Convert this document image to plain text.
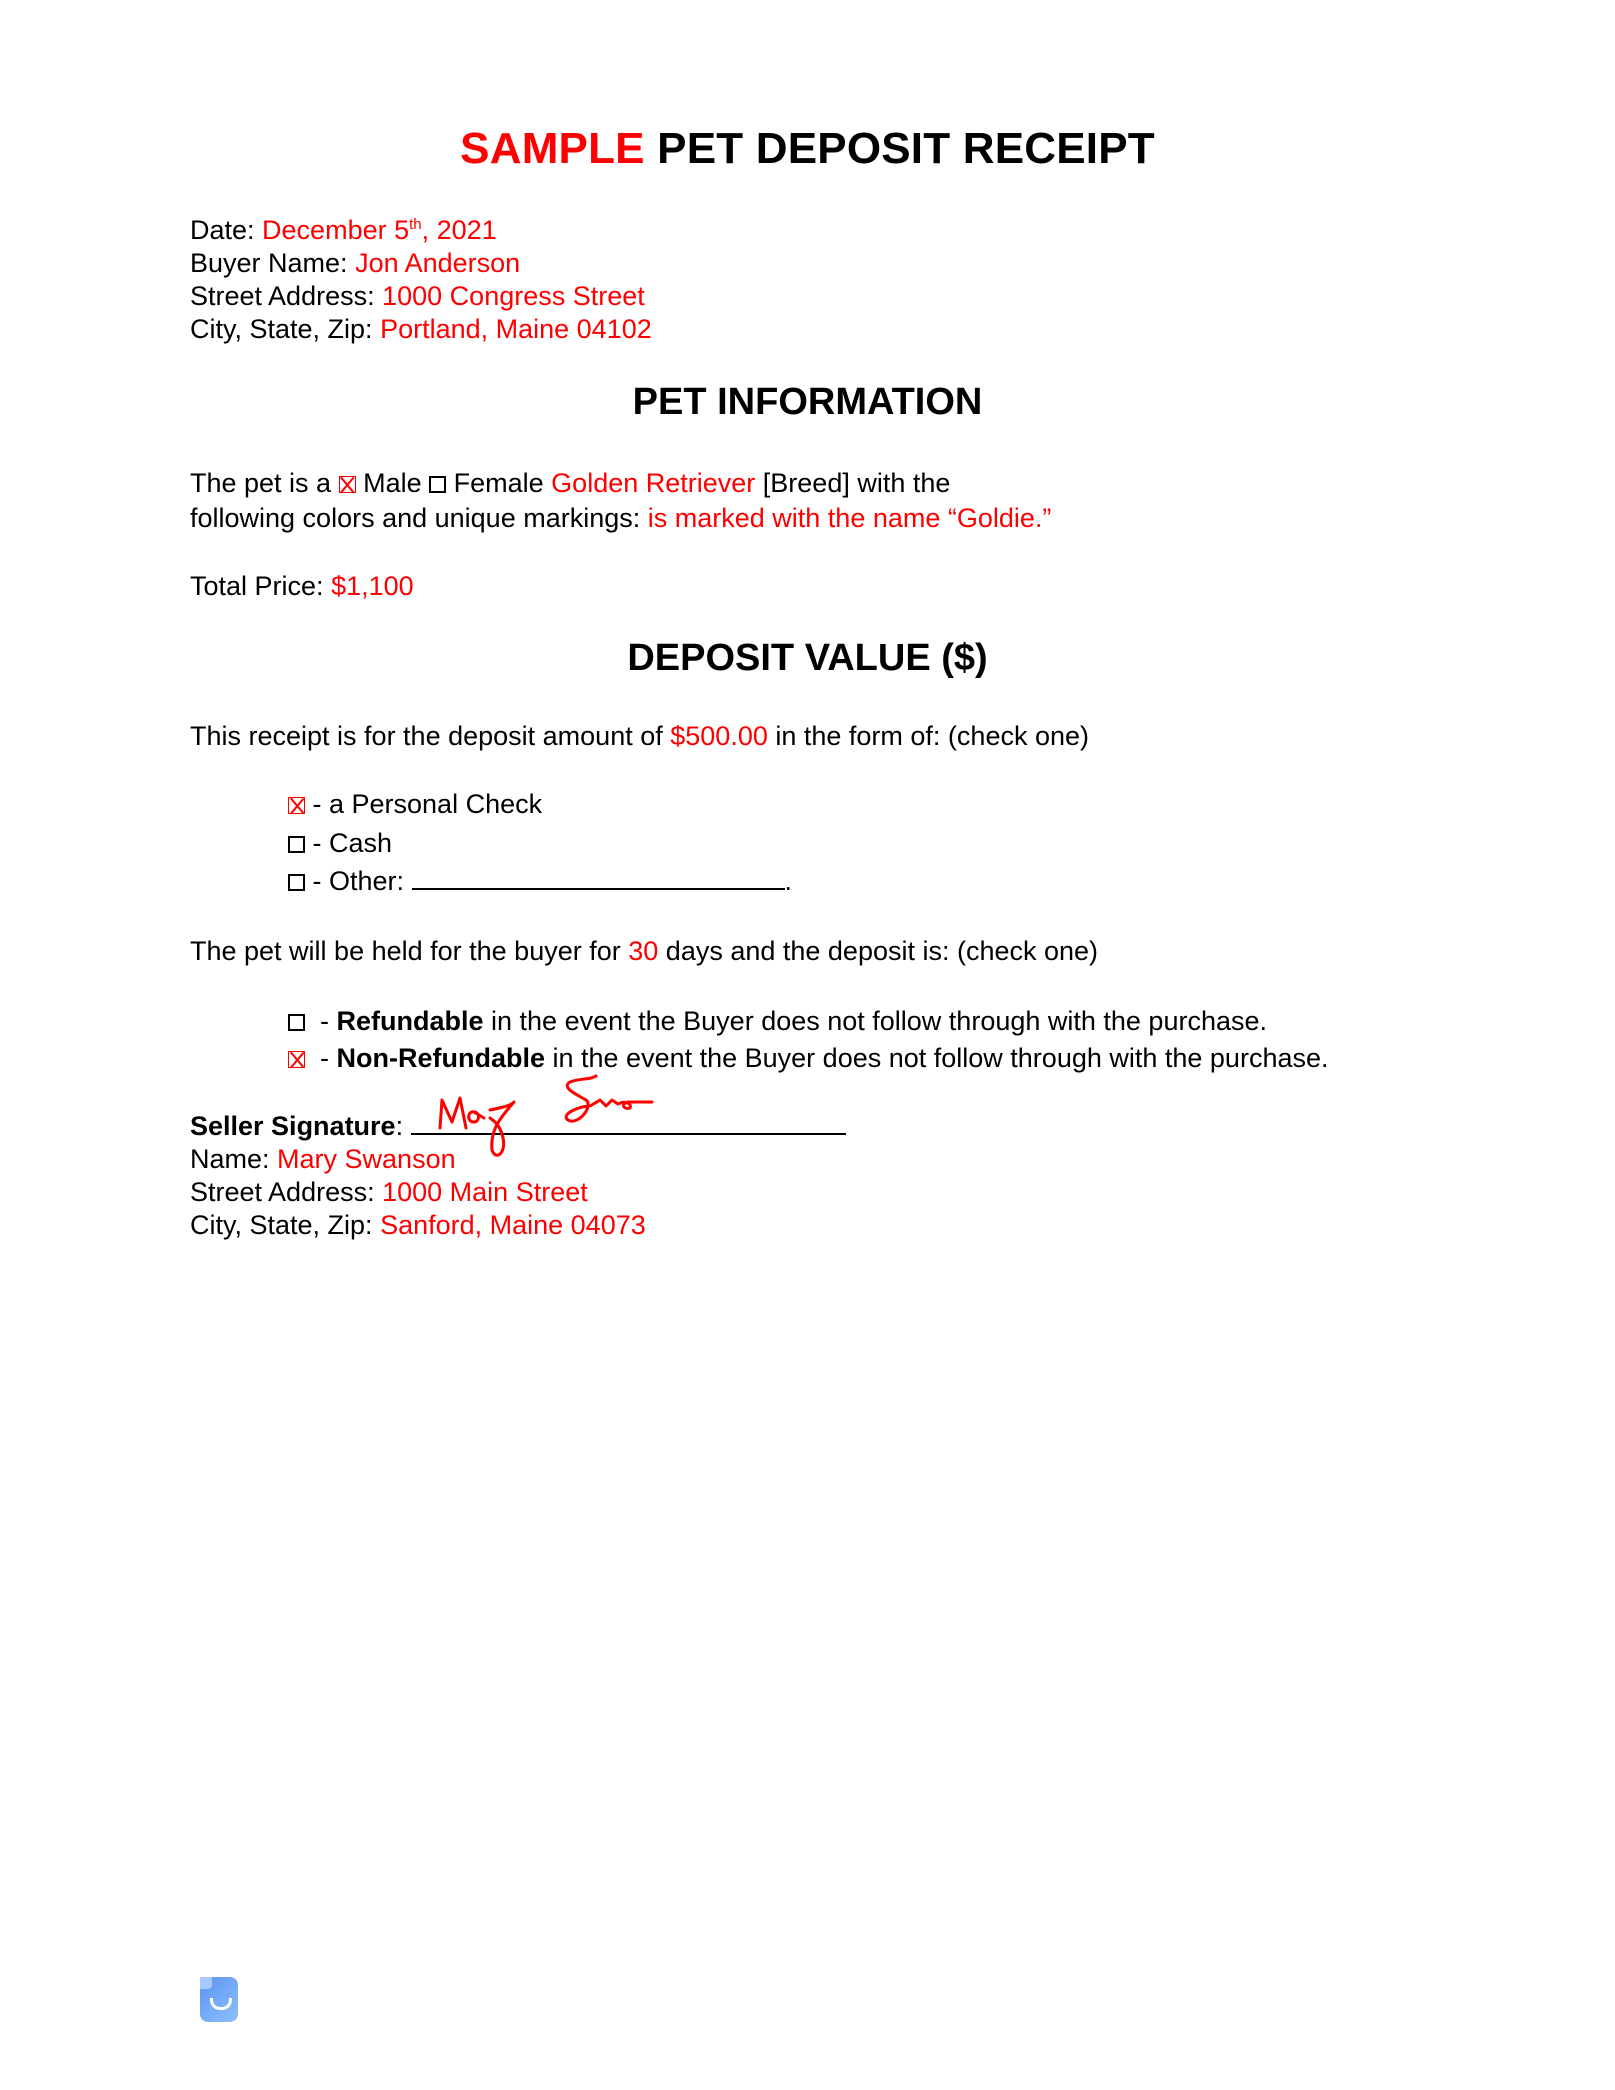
SAMPLE PET DEPOSIT RECEIPT
Date: December 5th, 2021
Buyer Name: Jon Anderson
Street Address: 1000 Congress Street
City, State, Zip: Portland, Maine 04102
PET INFORMATION
The pet is a  Male  Female Golden Retriever [Breed] with the
following colors and unique markings: is marked with the name “Goldie.”
Total Price: $1,100
DEPOSIT VALUE ($)
This receipt is for the deposit amount of $500.00 in the form of: (check one)
- a Personal Check
- Cash
- Other:	.
The pet will be held for the buyer for 30 days and the deposit is: (check one)
- Refundable in the event the Buyer does not follow through with the purchase.
- Non-Refundable in the event the Buyer does not follow through with the purchase.
Seller Signature:
Name: Mary Swanson
Street Address: 1000 Main Street
City, State, Zip: Sanford, Maine 04073
